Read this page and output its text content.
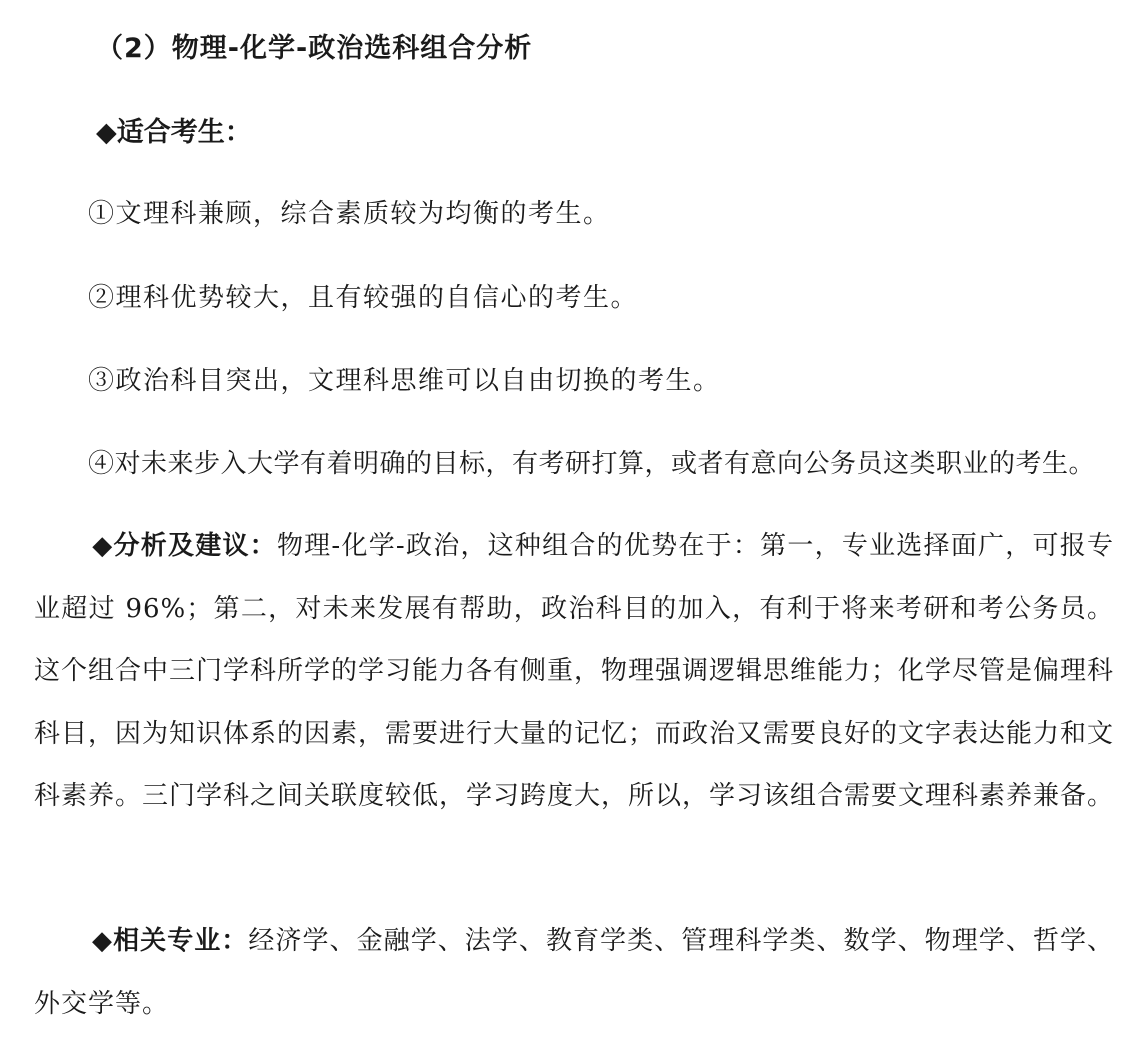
（2）物理-化学-政治选科组合分析
◆适合考生：
①文理科兼顾，综合素质较为均衡的考生。
②理科优势较大，且有较强的自信心的考生。
③政治科目突出，文理科思维可以自由切换的考生。
④对未来步入大学有着明确的目标，有考研打算，或者有意向公务员这类职业的考生。
◆分析及建议：物理-化学-政治，这种组合的优势在于：第一，专业选择面广，可报专业超过 96%；第二，对未来发展有帮助，政治科目的加入，有利于将来考研和考公务员。这个组合中三门学科所学的学习能力各有侧重，物理强调逻辑思维能力；化学尽管是偏理科科目，因为知识体系的因素，需要进行大量的记忆；而政治又需要良好的文字表达能力和文科素养。三门学科之间关联度较低，学习跨度大，所以，学习该组合需要文理科素养兼备。
◆相关专业：经济学、金融学、法学、教育学类、管理科学类、数学、物理学、哲学、外交学等。
